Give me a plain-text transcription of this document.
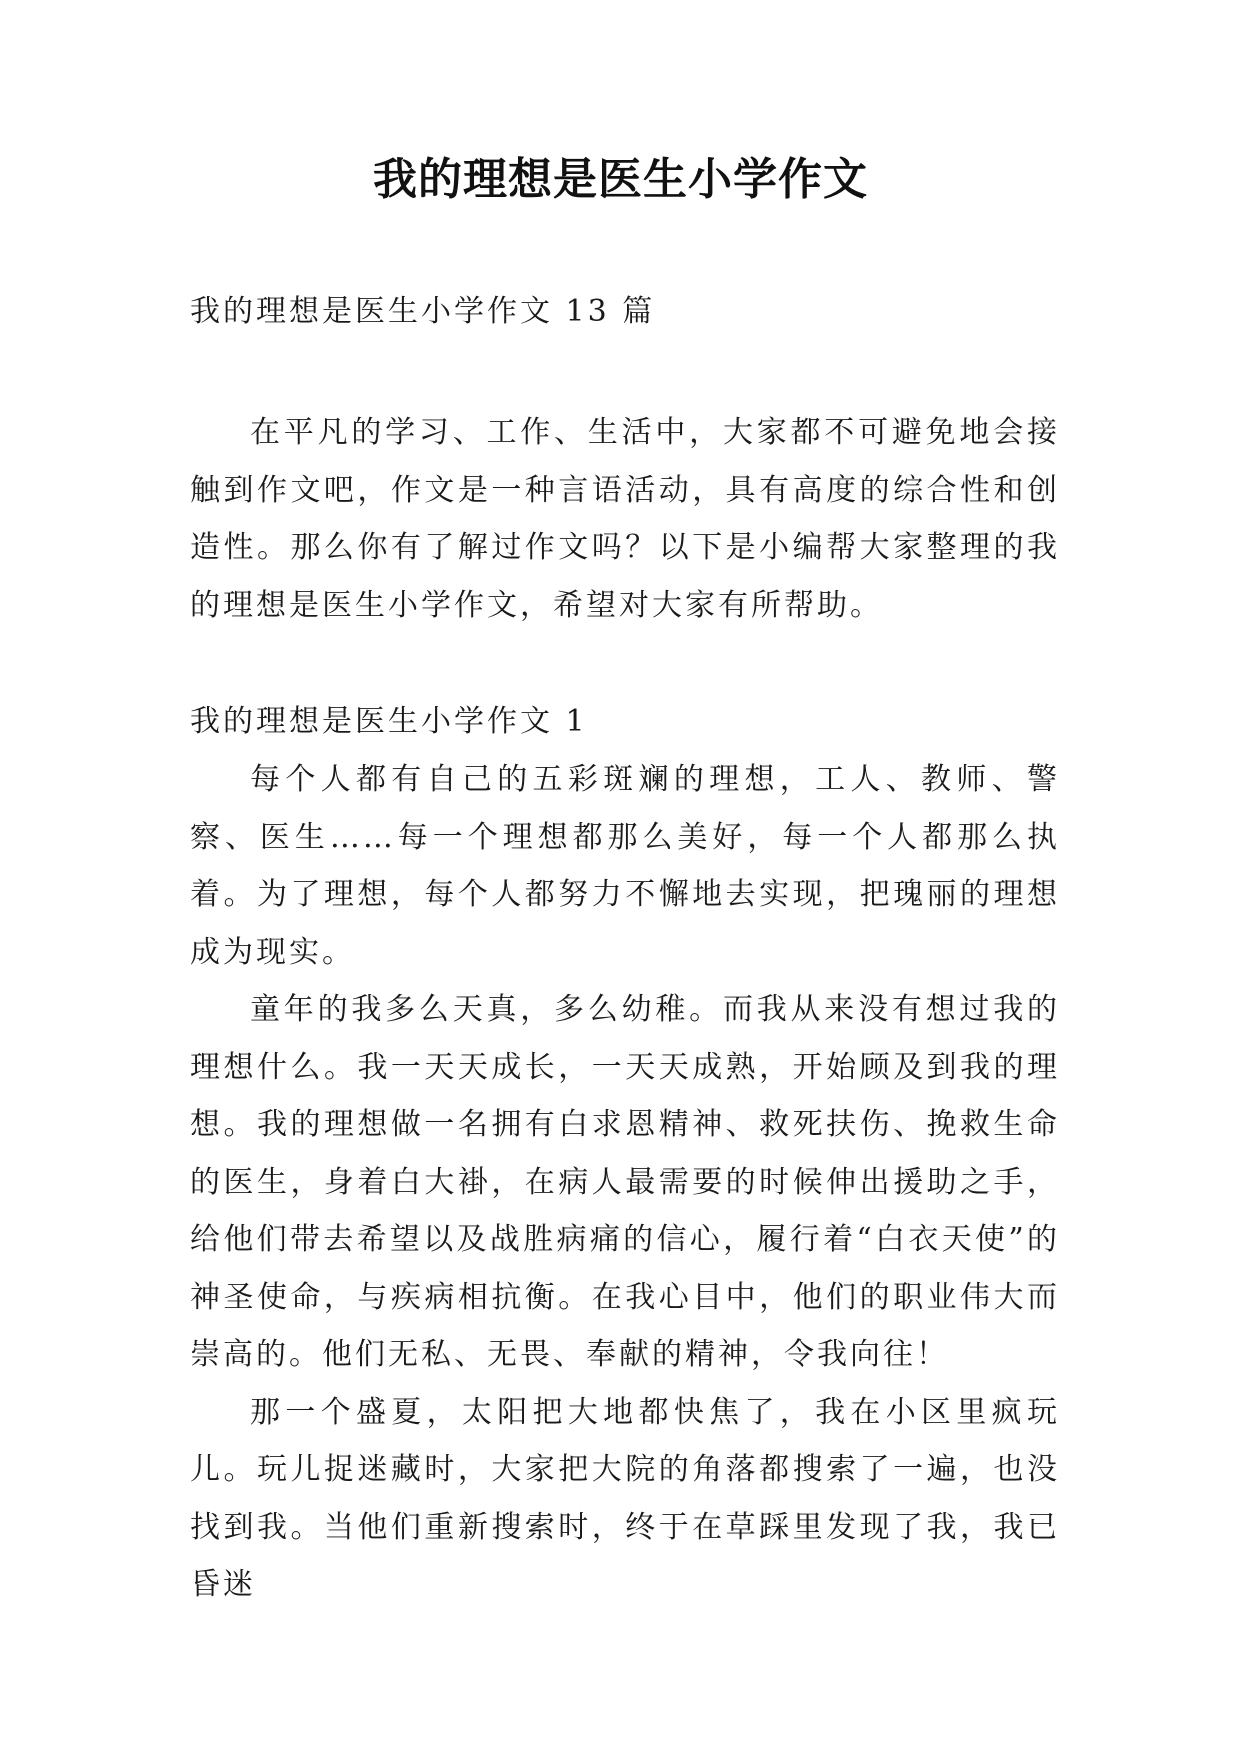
我的理想是医生小学作文
我的理想是医生小学作文 13 篇

在平凡的学习、工作、生活中，大家都不可避免地会接触到作文吧，作文是一种言语活动，具有高度的综合性和创造性。那么你有了解过作文吗？以下是小编帮大家整理的我的理想是医生小学作文，希望对大家有所帮助。

我的理想是医生小学作文 1

每个人都有自己的五彩斑斓的理想，工人、教师、警察、医生……每一个理想都那么美好，每一个人都那么执着。为了理想，每个人都努力不懈地去实现，把瑰丽的理想成为现实。

童年的我多么天真，多么幼稚。而我从来没有想过我的理想什么。我一天天成长，一天天成熟，开始顾及到我的理想。我的理想做一名拥有白求恩精神、救死扶伤、挽救生命的医生，身着白大褂，在病人最需要的时候伸出援助之手，给他们带去希望以及战胜病痛的信心，履行着“白衣天使”的神圣使命，与疾病相抗衡。在我心目中，他们的职业伟大而崇高的。他们无私、无畏、奉献的精神，令我向往！

那一个盛夏，太阳把大地都快焦了，我在小区里疯玩儿。玩儿捉迷藏时，大家把大院的角落都搜索了一遍，也没找到我。当他们重新搜索时，终于在草踩里发现了我，我已昏迷
